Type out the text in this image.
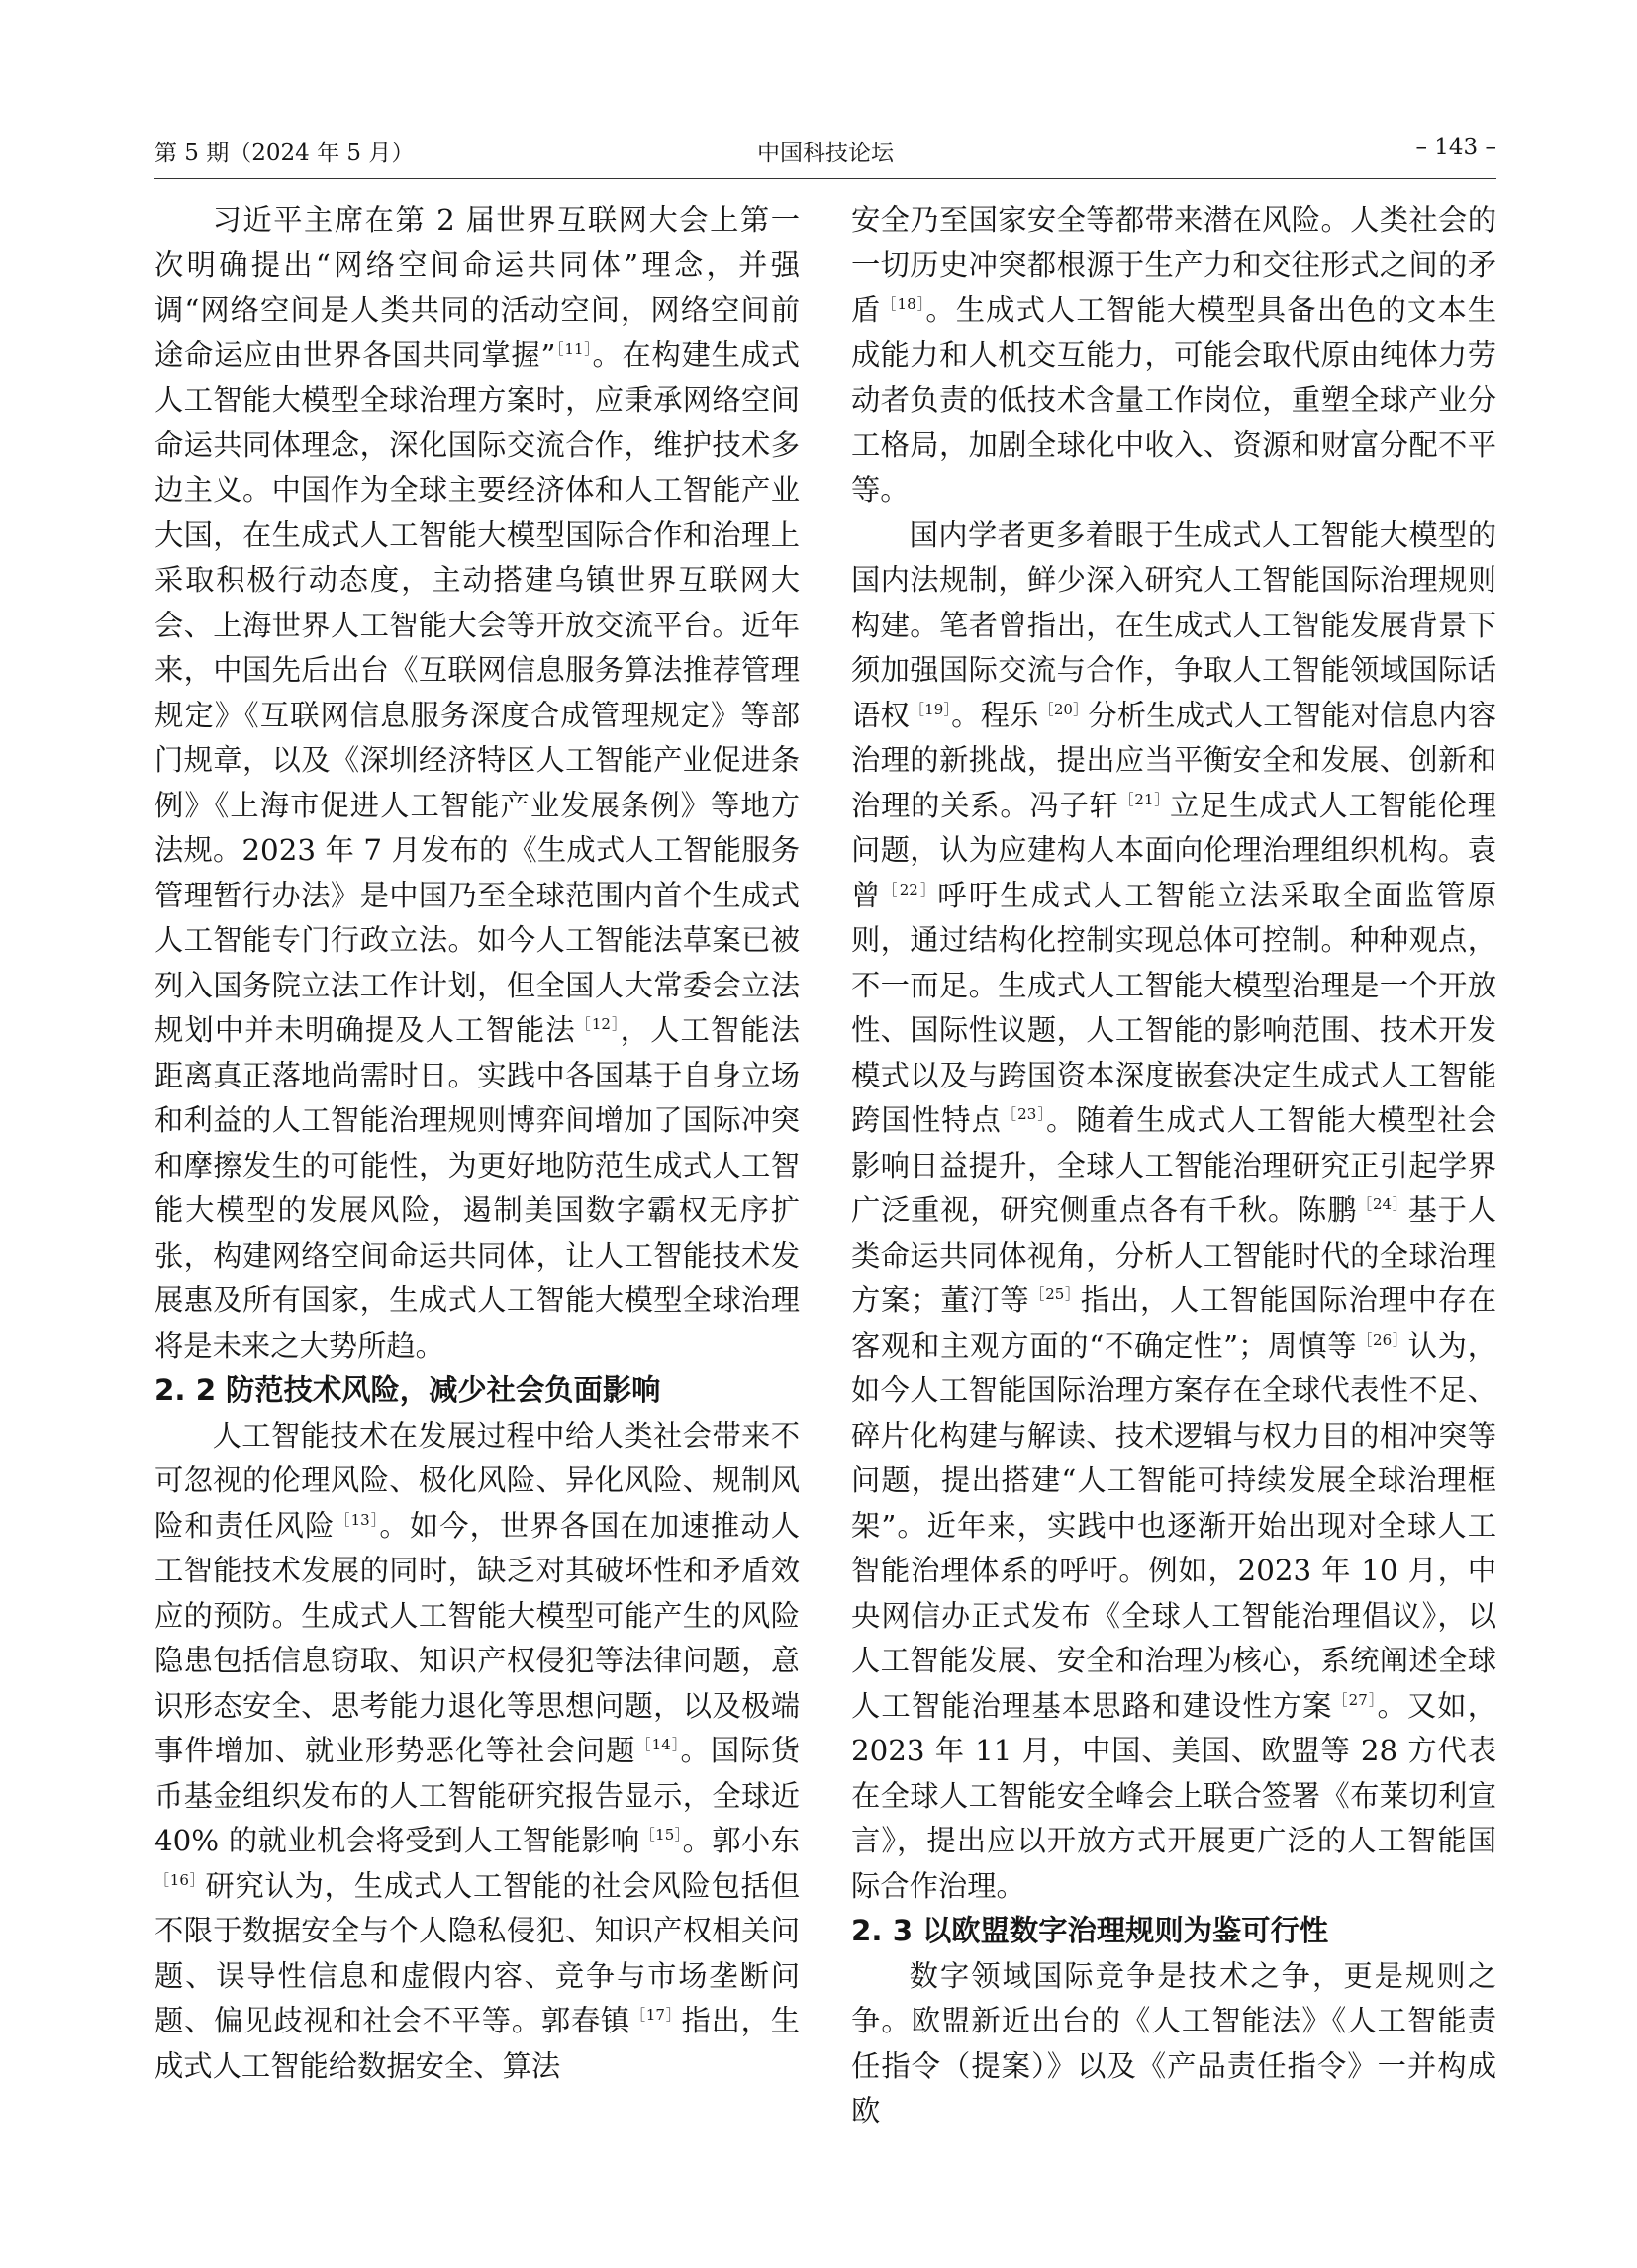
第 5 期（2024 年 5 月）	中国科技论坛	– 143 –

习近平主席在第 2 届世界互联网大会上第一次明确提出“网络空间命运共同体”理念，并强调“网络空间是人类共同的活动空间，网络空间前途命运应由世界各国共同掌握”$^{[11]}$。在构建生成式人工智能大模型全球治理方案时，应秉承网络空间命运共同体理念，深化国际交流合作，维护技术多边主义。中国作为全球主要经济体和人工智能产业大国，在生成式人工智能大模型国际合作和治理上采取积极行动态度，主动搭建乌镇世界互联网大会、上海世界人工智能大会等开放交流平台。近年来，中国先后出台《互联网信息服务算法推荐管理规定》《互联网信息服务深度合成管理规定》等部门规章，以及《深圳经济特区人工智能产业促进条例》《上海市促进人工智能产业发展条例》等地方法规。2023 年 7 月发布的《生成式人工智能服务管理暂行办法》是中国乃至全球范围内首个生成式人工智能专门行政立法。如今人工智能法草案已被列入国务院立法工作计划，但全国人大常委会立法规划中并未明确提及人工智能法$^{[12]}$，人工智能法距离真正落地尚需时日。实践中各国基于自身立场和利益的人工智能治理规则博弈间增加了国际冲突和摩擦发生的可能性，为更好地防范生成式人工智能大模型的发展风险，遏制美国数字霸权无序扩张，构建网络空间命运共同体，让人工智能技术发展惠及所有国家，生成式人工智能大模型全球治理将是未来之大势所趋。

2. 2 防范技术风险，减少社会负面影响

人工智能技术在发展过程中给人类社会带来不可忽视的伦理风险、极化风险、异化风险、规制风险和责任风险$^{[13]}$。如今，世界各国在加速推动人工智能技术发展的同时，缺乏对其破坏性和矛盾效应的预防。生成式人工智能大模型可能产生的风险隐患包括信息窃取、知识产权侵犯等法律问题，意识形态安全、思考能力退化等思想问题，以及极端事件增加、就业形势恶化等社会问题$^{[14]}$。国际货币基金组织发布的人工智能研究报告显示，全球近 40% 的就业机会将受到人工智能影响$^{[15]}$。郭小东$^{[16]}$研究认为，生成式人工智能的社会风险包括但不限于数据安全与个人隐私侵犯、知识产权相关问题、误导性信息和虚假内容、竞争与市场垄断问题、偏见歧视和社会不平等。郭春镇$^{[17]}$指出，生成式人工智能给数据安全、算法

安全乃至国家安全等都带来潜在风险。人类社会的一切历史冲突都根源于生产力和交往形式之间的矛盾$^{[18]}$。生成式人工智能大模型具备出色的文本生成能力和人机交互能力，可能会取代原由纯体力劳动者负责的低技术含量工作岗位，重塑全球产业分工格局，加剧全球化中收入、资源和财富分配不平等。

国内学者更多着眼于生成式人工智能大模型的国内法规制，鲜少深入研究人工智能国际治理规则构建。笔者曾指出，在生成式人工智能发展背景下须加强国际交流与合作，争取人工智能领域国际话语权$^{[19]}$。程乐$^{[20]}$分析生成式人工智能对信息内容治理的新挑战，提出应当平衡安全和发展、创新和治理的关系。冯子轩$^{[21]}$立足生成式人工智能伦理问题，认为应建构人本面向伦理治理组织机构。袁曾$^{[22]}$呼吁生成式人工智能立法采取全面监管原则，通过结构化控制实现总体可控制。种种观点，不一而足。生成式人工智能大模型治理是一个开放性、国际性议题，人工智能的影响范围、技术开发模式以及与跨国资本深度嵌套决定生成式人工智能跨国性特点$^{[23]}$。随着生成式人工智能大模型社会影响日益提升，全球人工智能治理研究正引起学界广泛重视，研究侧重点各有千秋。陈鹏$^{[24]}$基于人类命运共同体视角，分析人工智能时代的全球治理方案；董汀等$^{[25]}$指出，人工智能国际治理中存在客观和主观方面的“不确定性”；周慎等$^{[26]}$认为，如今人工智能国际治理方案存在全球代表性不足、碎片化构建与解读、技术逻辑与权力目的相冲突等问题，提出搭建“人工智能可持续发展全球治理框架”。近年来，实践中也逐渐开始出现对全球人工智能治理体系的呼吁。例如，2023 年 10 月，中央网信办正式发布《全球人工智能治理倡议》，以人工智能发展、安全和治理为核心，系统阐述全球人工智能治理基本思路和建设性方案$^{[27]}$。又如，2023 年 11 月，中国、美国、欧盟等 28 方代表在全球人工智能安全峰会上联合签署《布莱切利宣言》，提出应以开放方式开展更广泛的人工智能国际合作治理。

2. 3 以欧盟数字治理规则为鉴可行性

数字领域国际竞争是技术之争，更是规则之争。欧盟新近出台的《人工智能法》《人工智能责任指令（提案）》以及《产品责任指令》一并构成欧
